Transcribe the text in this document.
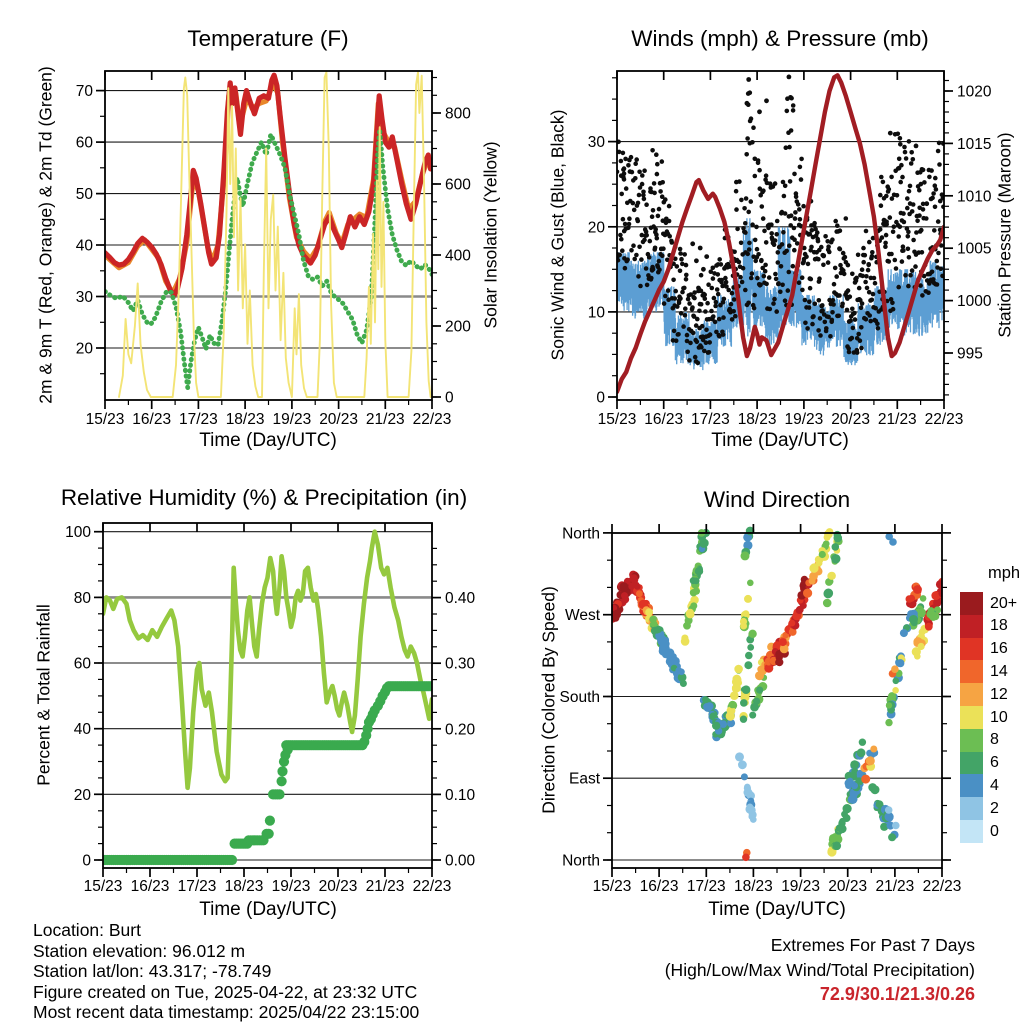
15/23 16/23 17/23 18/23 19/23 20/23 21/23 22/23
20
30
40
50
60
70
0
200
400
600
800
15/23 16/23 17/23 18/23 19/23 20/23 21/23 22/23
0
10
20
30
995
1000
1005
1010
1015
1020
15/23 16/23 17/23 18/23 19/23 20/23 21/23 22/23
0
20
40
60
80
100
0.00
0.10
0.20
0.30
0.40
15/23 16/23 17/23 18/23 19/23 20/23 21/23 22/23
North
East
South
West
North
Temperature (F)	Winds (mph) & Pressure (mb)
Relative Humidity (%) & Precipitation (in)	Wind Direction
Time (Day/UTC)	Time (Day/UTC)
Time (Day/UTC)	Time (Day/UTC)
2m & 9m T (Red, Orange) & 2m Td (Green)	Solar Insolation (Yellow)	Sonic Wind & Gust (Blue, Black)	Station Pressure (Maroon)
Percent & Total Rainfall	Direction (Colored By Speed)
mph
20+
18
16
14
12
10
8
6
4
2
0
Location: Burt
Station elevation: 96.012 m
Station lat/lon: 43.317; -78.749
Figure created on Tue, 2025-04-22, at 23:32 UTC
Most recent data timestamp: 2025/04/22 23:15:00
Extremes For Past 7 Days
(High/Low/Max Wind/Total Precipitation)
72.9/30.1/21.3/0.26
